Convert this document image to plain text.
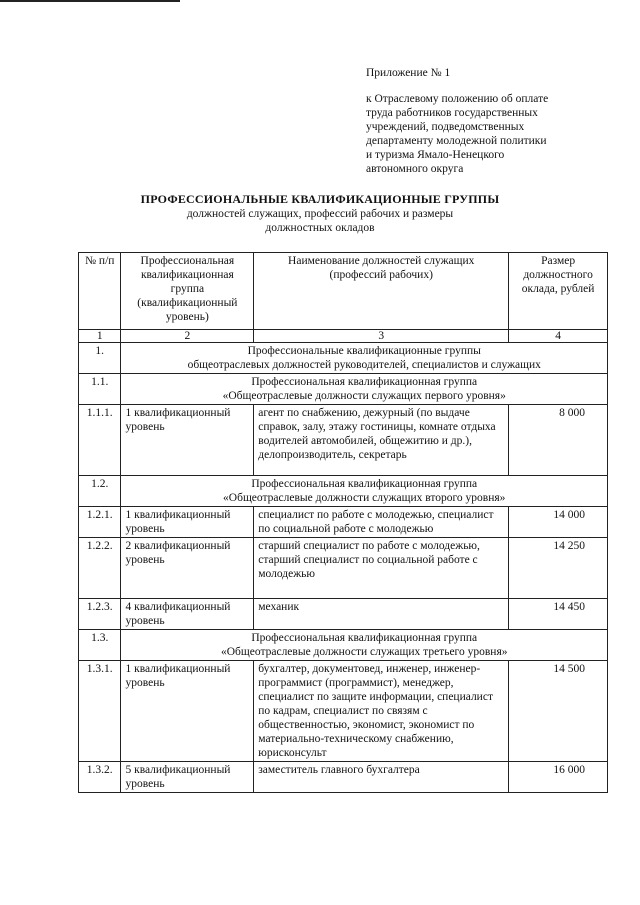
Приложение № 1
к Отраслевому положению об оплате
труда работников государственных
учреждений, подведомственных
департаменту молодежной политики
и туризма Ямало-Ненецкого
автономного округа
ПРОФЕССИОНАЛЬНЫЕ КВАЛИФИКАЦИОННЫЕ ГРУППЫ
должностей служащих, профессий рабочих и размеры
должностных окладов
№ п/п	Профессиональная квалификационная группа (квалификационный уровень)	Наименование должностей служащих (профессий рабочих)	Размер должностного оклада, рублей
1	2	3	4
1.	Профессиональные квалификационные группы
общеотраслевых должностей руководителей, специалистов и служащих		

1.1.	Профессиональная квалификационная группа
«Общеотраслевые должности служащих первого уровня»		

1.1.1.	1 квалификационный уровень	агент по снабжению, дежурный (по выдаче справок, залу, этажу гостиницы, комнате отдыха водителей автомобилей, общежитию и др.), делопроизводитель, секретарь	8 000
1.2.	Профессиональная квалификационная группа
«Общеотраслевые должности служащих второго уровня»		

1.2.1.	1 квалификационный уровень	специалист по работе с молодежью, специалист по социальной работе с молодежью	14 000
1.2.2.	2 квалификационный уровень	старший специалист по работе с молодежью, старший специалист по социальной работе с молодежью	14 250
1.2.3.	4 квалификационный уровень	механик	14 450
1.3.	Профессиональная квалификационная группа
«Общеотраслевые должности служащих третьего уровня»		

1.3.1.	1 квалификационный уровень	бухгалтер, документовед, инженер, инженер-программист (программист), менеджер, специалист по защите информации, специалист по кадрам, специалист по связям с общественностью, экономист, экономист по материально-техническому снабжению, юрисконсульт	14 500
1.3.2.	5 квалификационный уровень	заместитель главного бухгалтера	16 000
